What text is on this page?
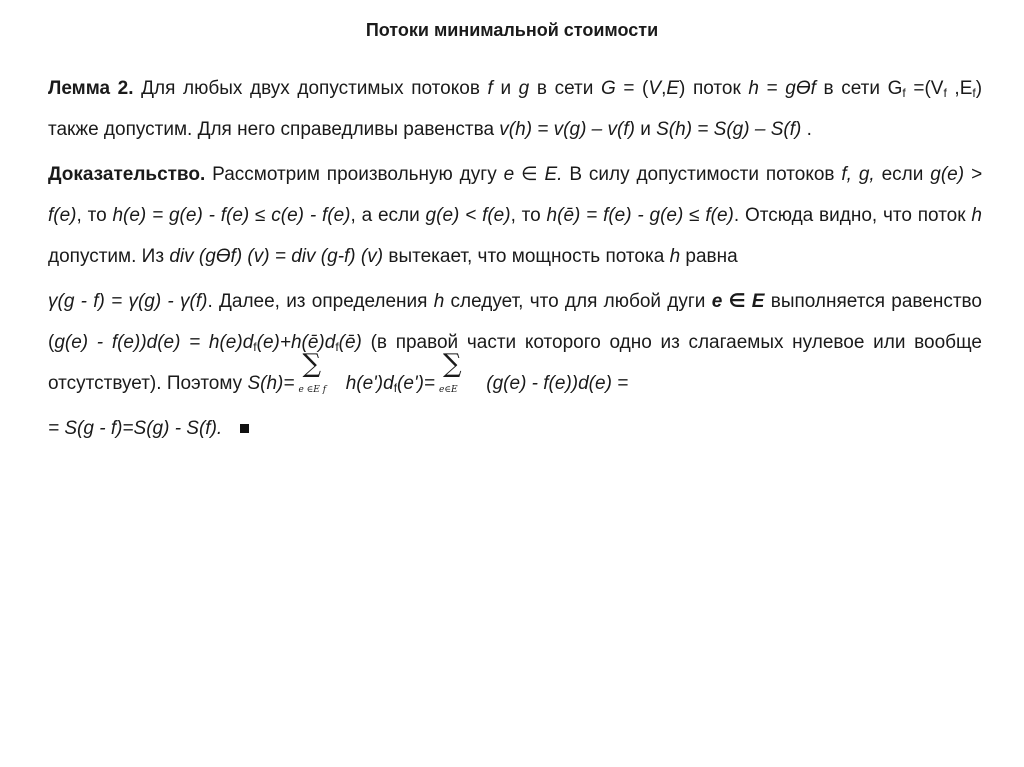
Потоки минимальной стоимости

Лемма 2. Для любых двух допустимых потоков f и g в сети G = (V,E) поток h = gϴf в сети $G_f =(V_f$ $,E_f$) также допустим. Для него справедливы равенства v(h) = v(g) – v(f) и S(h) = S(g) – S(f) .

Доказательство. Рассмотрим произвольную дугу e ∈ E. В силу допустимости потоков f, g, если g(e) > f(e), то h(e) = g(e) - f(e) ≤ c(e) - f(e), а если g(e) < f(e), то h(ē) = f(e) - g(e) ≤ f(e). Отсюда видно, что поток h допустим. Из div (gϴf) (v) = div (g-f) (v) вытекает, что мощность потока h равна

γ(g - f) = γ(g) - γ(f). Далее, из определения h следует, что для любой дуги e ∈ E выполняется равенство $(g(e) - f(e))d(e) = h(e)d_f(e)+h(ē)d_f(ē)$ (в правой части которого одно из слагаемых нулевое или вообще отсутствует). Поэтому S(h)=
∑
e ∈E f $h(e')d_f(e')=$
∑
e∈E (g(e) - f(e))d(e) =

= S(g - f)=S(g) - S(f).
